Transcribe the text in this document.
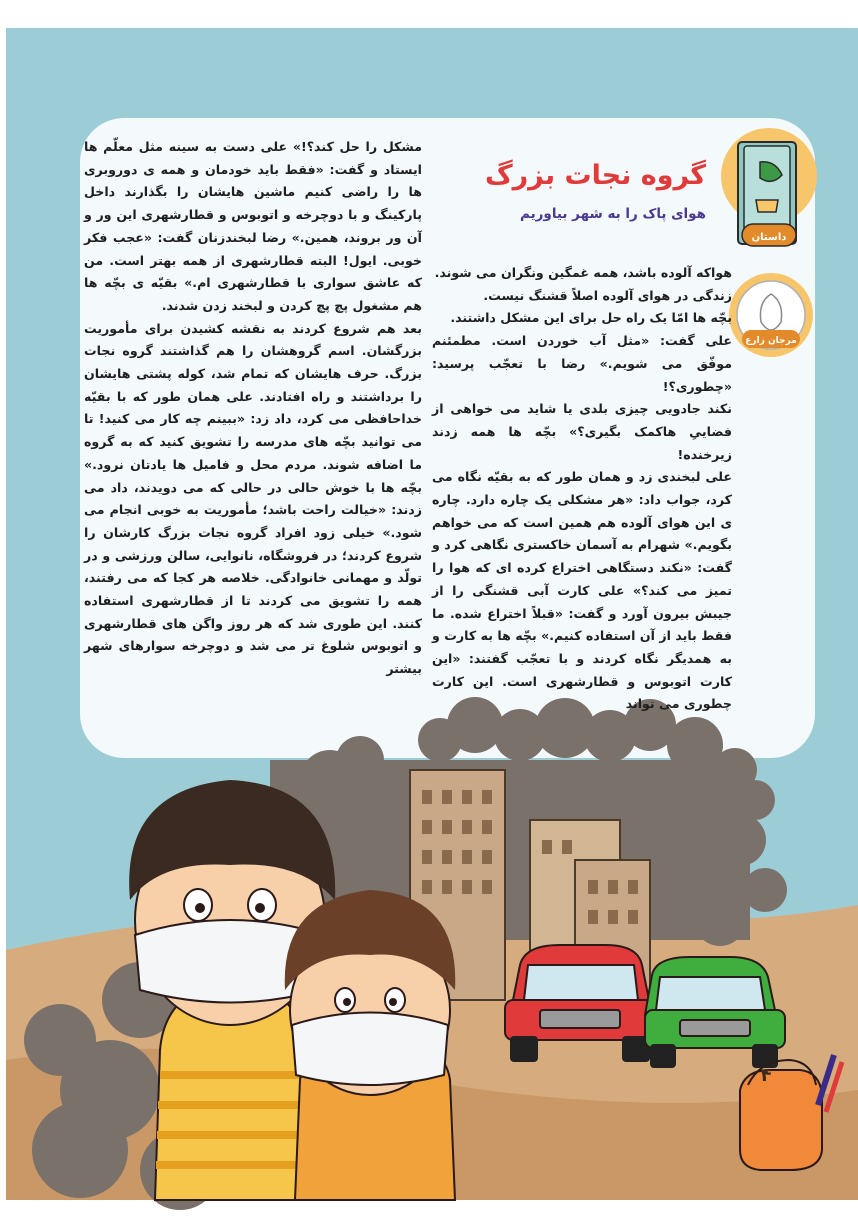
داستان
گروه نجات بزرگ
هوای پاک را به شهر بیاوریم
مرجان زارع

هواکه آلوده باشد، همه غمگین ونگران می شوند.

زندگی در هوای آلوده اصلاً قشنگ نیست.

بچّه ها امّا یک راه حل برای این مشکل داشتند.

علی گفت: «مثل آب خوردن است. مطمئنم موفّق می شویم.» رضا با تعجّب پرسید: «چطوری؟!

نکند جادویی چیزی بلدی یا شاید می خواهی از فضاییِ هاکمک بگیری؟» بچّه ها همه زدند زیرخنده!

علی لبخندی زد و همان طور که به بقیّه نگاه می کرد، جواب داد: «هر مشکلی یک چاره دارد. چاره ی این هوای آلوده هم همین است که می خواهم بگویم.» شهرام به آسمان خاکستری نگاهی کرد و گفت: «نکند دستگاهی اختراع کرده ای که هوا را تمیز می کند؟» علی کارت آبی قشنگی را از جیبش بیرون آورد و گفت: «قبلاً اختراع شده. ما فقط باید از آن استفاده کنیم.» بچّه ها به کارت و به همدیگر نگاه کردند و با تعجّب گفتند: «این کارت اتوبوس و قطارشهری است. این کارت چطوری می تواند

مشکل را حل کند؟!» علی دست به سینه مثل معلّم ها ایستاد و گفت: «فقط باید خودمان و همه ی دوروبری ها را راضی کنیم ماشین هایشان را بگذارند داخل پارکینگ و با دوچرخه و اتوبوس و قطارشهری این ور و آن ور بروند، همین.» رضا لبخندزنان گفت: «عجب فکر خوبی. ایول! البته قطارشهری از همه بهتر است. من که عاشق سواری با قطارشهری ام.» بقیّه ی بچّه ها هم مشغول پچ پچ کردن و لبخند زدن شدند.

بعد هم شروع کردند به نقشه کشیدن برای مأموریت بزرگشان. اسم گروهشان را هم گذاشتند گروه نجات بزرگ. حرف هایشان که تمام شد، کوله پشتی هایشان را برداشتند و راه افتادند. علی همان طور که با بقیّه خداحافظی می کرد، داد زد: «ببینم چه کار می کنید! تا می توانید بچّه های مدرسه را تشویق کنید که به گروه ما اضافه شوند. مردم محل و فامیل ها یادتان نرود.» بچّه ها با خوش حالی در حالی که می دویدند، داد می زدند: «خیالت راحت باشد؛ مأموریت به خوبی انجام می شود.» خیلی زود افراد گروه نجات بزرگ کارشان را شروع کردند؛ در فروشگاه، نانوایی، سالن ورزشی و در تولّد و مهمانی خانوادگی. خلاصه هر کجا که می رفتند، همه را تشویق می کردند تا از قطارشهری استفاده کنند. این طوری شد که هر روز واگن های قطارشهری و اتوبوس شلوغ تر می شد و دوچرخه سوارهای شهر بیشتر

۴
